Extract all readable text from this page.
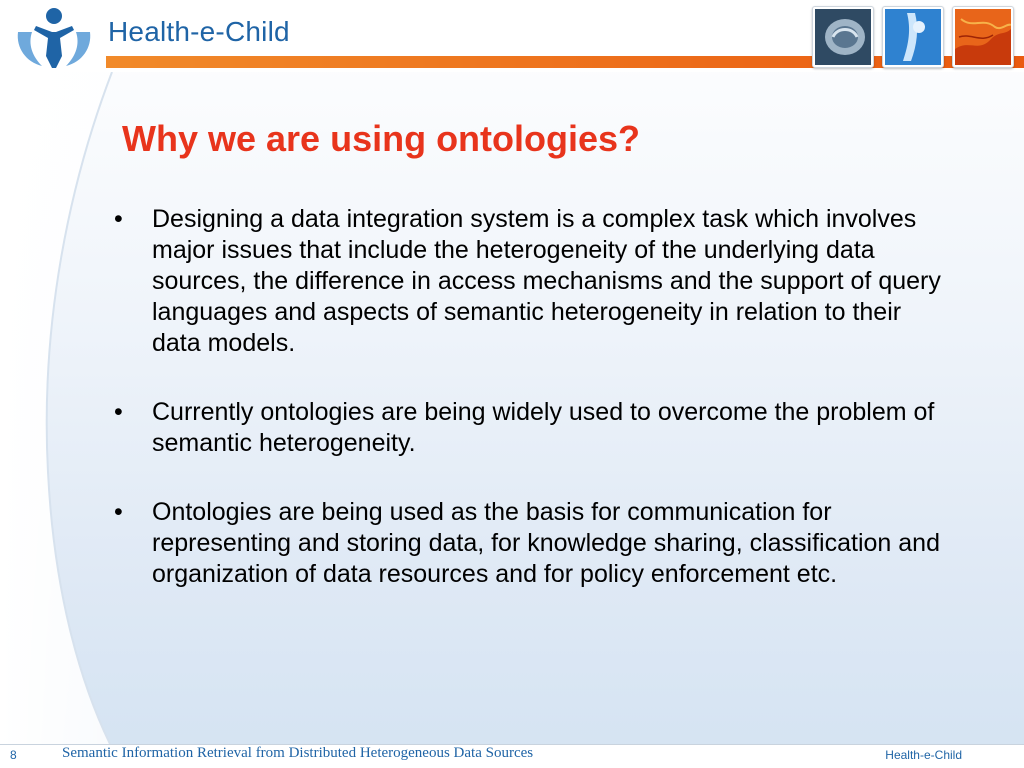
Health-e-Child
Why we are using ontologies?
• Designing a data integration system is a complex task which involves major issues that include the heterogeneity of the underlying data sources, the difference in access mechanisms and the support of query languages and aspects of semantic heterogeneity in relation to their data models.
• Currently ontologies are being widely used to overcome the problem of semantic heterogeneity.
• Ontologies are being used as the basis for communication for representing and storing data, for knowledge sharing, classification and organization of data resources and for policy enforcement etc.
8	Semantic Information Retrieval from Distributed Heterogeneous Data Sources	Health-e-Child
